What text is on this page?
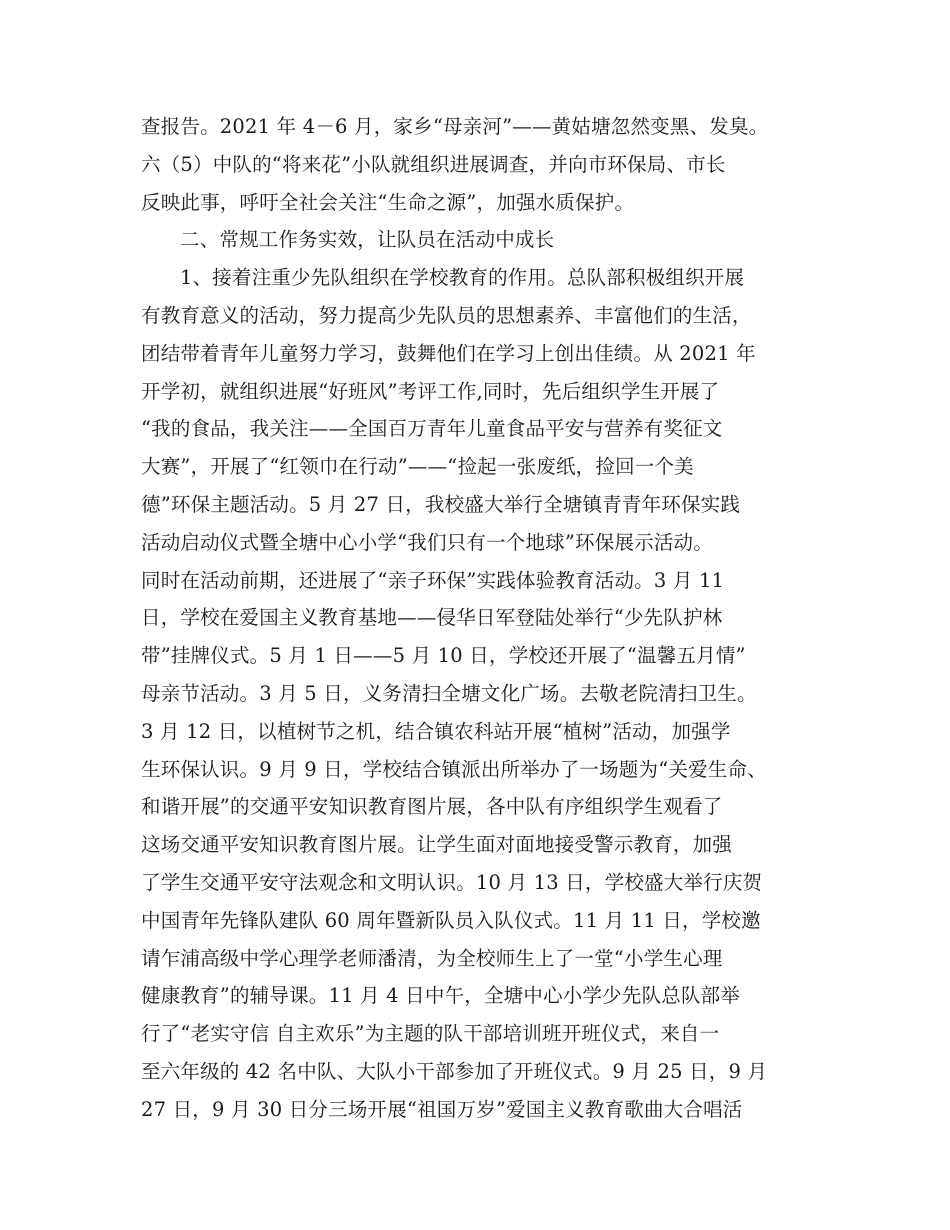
查报告。2021 年 4－6 月，家乡“母亲河”——黄姑塘忽然变黑、发臭。
六（5）中队的“将来花”小队就组织进展调查，并向市环保局、市长
反映此事，呼吁全社会关注“生命之源”，加强水质保护。
二、常规工作务实效，让队员在活动中成长
1、接着注重少先队组织在学校教育的作用。总队部积极组织开展
有教育意义的活动，努力提高少先队员的思想素养、丰富他们的生活，
团结带着青年儿童努力学习，鼓舞他们在学习上创出佳绩。从 2021 年
开学初，就组织进展“好班风”考评工作,同时，先后组织学生开展了
“我的食品，我关注——全国百万青年儿童食品平安与营养有奖征文
大赛”，开展了“红领巾在行动”——“捡起一张废纸，捡回一个美
德”环保主题活动。5 月 27 日，我校盛大举行全塘镇青青年环保实践
活动启动仪式暨全塘中心小学“我们只有一个地球”环保展示活动。
同时在活动前期，还进展了“亲子环保”实践体验教育活动。3 月 11
日，学校在爱国主义教育基地——侵华日军登陆处举行“少先队护林
带”挂牌仪式。5 月 1 日——5 月 10 日，学校还开展了“温馨五月情”
母亲节活动。3 月 5 日，义务清扫全塘文化广场。去敬老院清扫卫生。
3 月 12 日，以植树节之机，结合镇农科站开展“植树”活动，加强学
生环保认识。9 月 9 日，学校结合镇派出所举办了一场题为“关爱生命、
和谐开展”的交通平安知识教育图片展，各中队有序组织学生观看了
这场交通平安知识教育图片展。让学生面对面地接受警示教育，加强
了学生交通平安守法观念和文明认识。10 月 13 日，学校盛大举行庆贺
中国青年先锋队建队 60 周年暨新队员入队仪式。11 月 11 日，学校邀
请乍浦高级中学心理学老师潘清，为全校师生上了一堂“小学生心理
健康教育”的辅导课。11 月 4 日中午，全塘中心小学少先队总队部举
行了“老实守信 自主欢乐”为主题的队干部培训班开班仪式，来自一
至六年级的 42 名中队、大队小干部参加了开班仪式。9 月 25 日，9 月
27 日，9 月 30 日分三场开展“祖国万岁”爱国主义教育歌曲大合唱活
